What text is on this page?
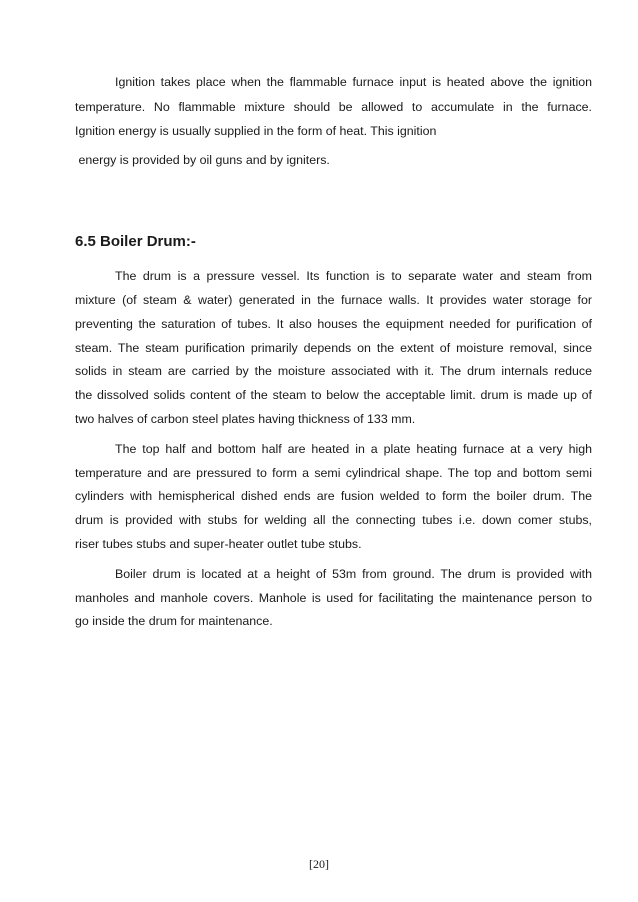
Ignition takes place when the flammable furnace input is heated above the ignition
temperature. No flammable mixture should be allowed to accumulate in the furnace.
Ignition energy is usually supplied in the form of heat. This ignition
energy is provided by oil guns and by igniters.
6.5 Boiler Drum:-
The drum is a pressure vessel. Its function is to separate water and steam from
mixture (of steam & water) generated in the furnace walls. It provides water storage for
preventing the saturation of tubes. It also houses the equipment needed for purification of
steam. The steam purification primarily depends on the extent of moisture removal, since
solids in steam are carried by the moisture associated with it. The drum internals reduce
the dissolved solids content of the steam to below the acceptable limit. drum is made up of
two halves of carbon steel plates having thickness of 133 mm.
The top half and bottom half are heated in a plate heating furnace at a very high
temperature and are pressured to form a semi cylindrical shape. The top and bottom semi
cylinders with hemispherical dished ends are fusion welded to form the boiler drum. The
drum is provided with stubs for welding all the connecting tubes i.e. down comer stubs,
riser tubes stubs and super-heater outlet tube stubs.
Boiler drum is located at a height of 53m from ground. The drum is provided with
manholes and manhole covers. Manhole is used for facilitating the maintenance person to
go inside the drum for maintenance.
[20]
